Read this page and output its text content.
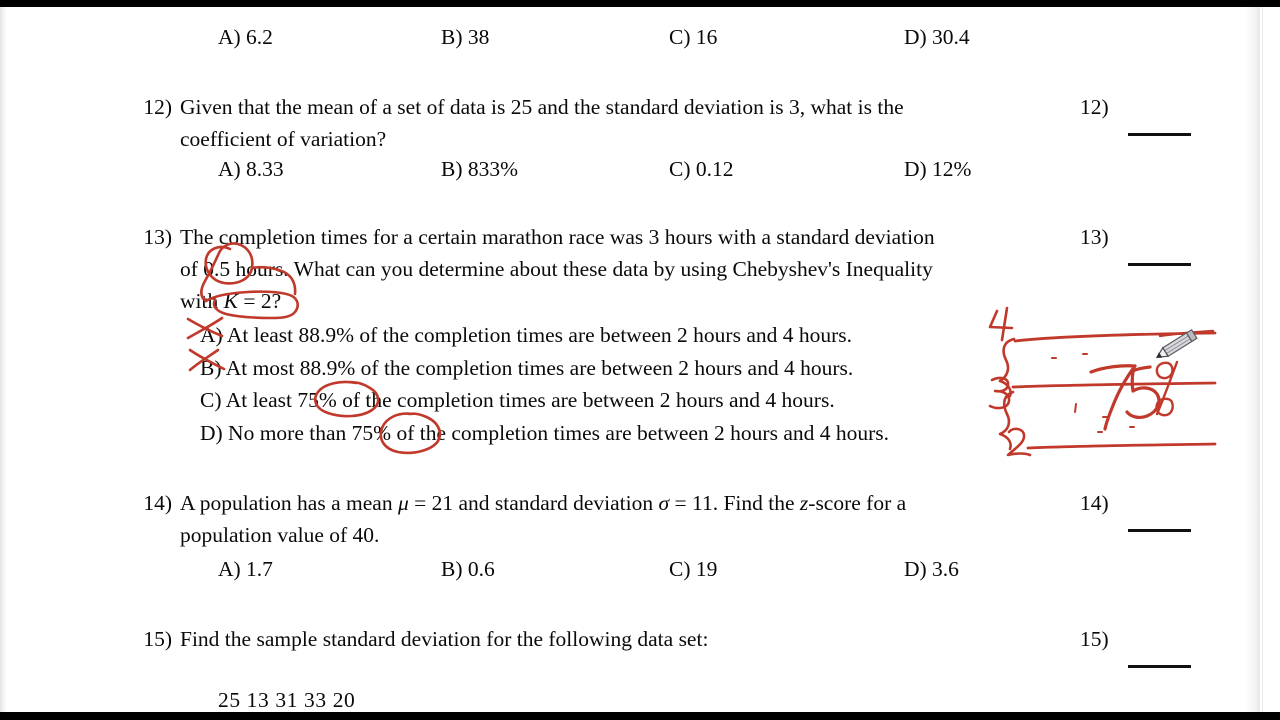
A) 6.2	B) 38	C) 16	D) 30.4
12) Given that the mean of a set of data is 25 and the standard deviation is 3, what is the
coefficient of variation?
12)
A) 8.33	B) 833%	C) 0.12	D) 12%
13) The completion times for a certain marathon race was 3 hours with a standard deviation
of 0.5 hours. What can you determine about these data by using Chebyshev's Inequality
with K = 2?
13)
A) At least 88.9% of the completion times are between 2 hours and 4 hours.
B) At most 88.9% of the completion times are between 2 hours and 4 hours.
C) At least 75% of the completion times are between 2 hours and 4 hours.
D) No more than 75% of the completion times are between 2 hours and 4 hours.
14) A population has a mean μ = 21 and standard deviation σ = 11. Find the z-score for a
population value of 40.
14)
A) 1.7	B) 0.6	C) 19	D) 3.6
15) Find the sample standard deviation for the following data set:	15)
25 13 31 33 20
